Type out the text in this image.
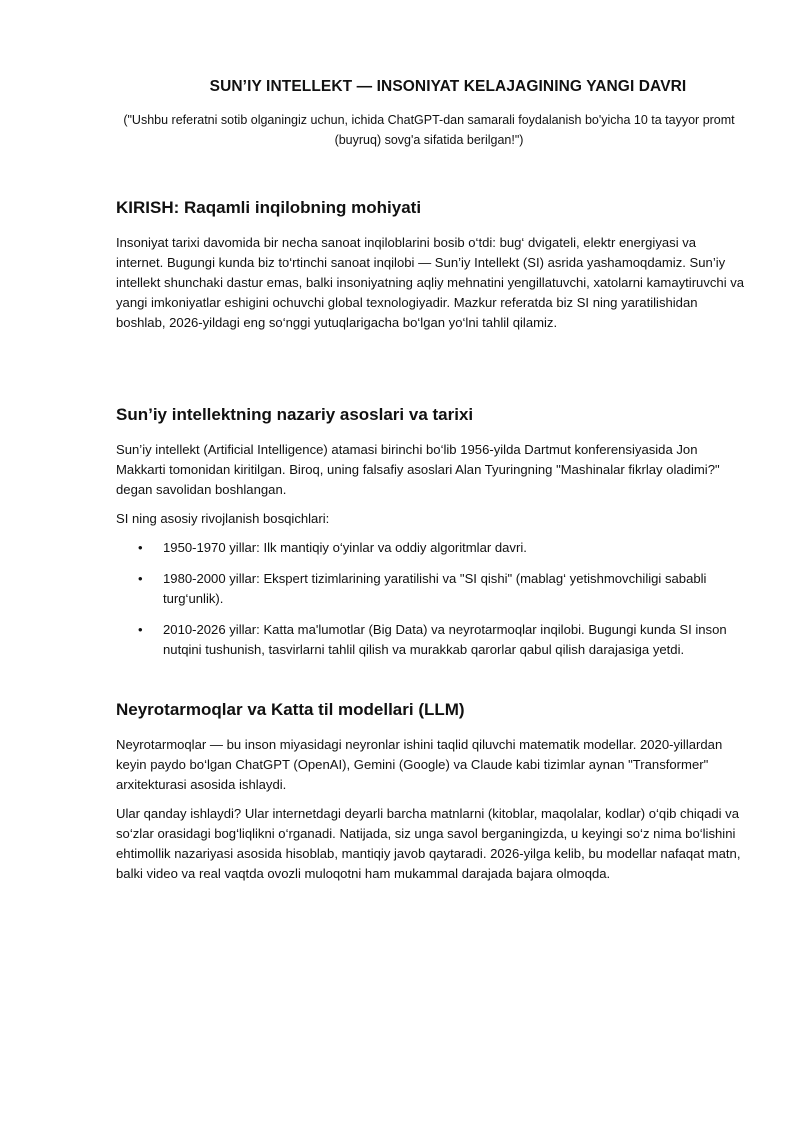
SUN’IY INTELLEKT — INSONIYAT KELAJAGINING YANGI DAVRI

("Ushbu referatni sotib olganingiz uchun, ichida ChatGPT-dan samarali foydalanish bo'yicha 10 ta tayyor promt (buyruq) sovg'a sifatida berilgan!")

KIRISH: Raqamli inqilobning mohiyati

Insoniyat tarixi davomida bir necha sanoat inqiloblarini bosib o‘tdi: bug‘ dvigateli, elektr energiyasi va internet. Bugungi kunda biz to‘rtinchi sanoat inqilobi — Sun’iy Intellekt (SI) asrida yashamoqdamiz. Sun’iy intellekt shunchaki dastur emas, balki insoniyatning aqliy mehnatini yengillatuvchi, xatolarni kamaytiruvchi va yangi imkoniyatlar eshigini ochuvchi global texnologiyadir. Mazkur referatda biz SI ning yaratilishidan boshlab, 2026-yildagi eng so‘nggi yutuqlarigacha bo‘lgan yo‘lni tahlil qilamiz.

Sun’iy intellektning nazariy asoslari va tarixi

Sun’iy intellekt (Artificial Intelligence) atamasi birinchi bo‘lib 1956-yilda Dartmut konferensiyasida Jon Makkarti tomonidan kiritilgan. Biroq, uning falsafiy asoslari Alan Tyuringning "Mashinalar fikrlay oladimi?" degan savolidan boshlangan.

SI ning asosiy rivojlanish bosqichlari:

• 1950-1970 yillar: Ilk mantiqiy o‘yinlar va oddiy algoritmlar davri.
• 1980-2000 yillar: Ekspert tizimlarining yaratilishi va "SI qishi" (mablag‘ yetishmovchiligi sababli turg‘unlik).
• 2010-2026 yillar: Katta ma'lumotlar (Big Data) va neyrotarmoqlar inqilobi. Bugungi kunda SI inson nutqini tushunish, tasvirlarni tahlil qilish va murakkab qarorlar qabul qilish darajasiga yetdi.
Neyrotarmoqlar va Katta til modellari (LLM)

Neyrotarmoqlar — bu inson miyasidagi neyronlar ishini taqlid qiluvchi matematik modellar. 2020-yillardan keyin paydo bo‘lgan ChatGPT (OpenAI), Gemini (Google) va Claude kabi tizimlar aynan "Transformer" arxitekturasi asosida ishlaydi.

Ular qanday ishlaydi? Ular internetdagi deyarli barcha matnlarni (kitoblar, maqolalar, kodlar) o‘qib chiqadi va so‘zlar orasidagi bog‘liqlikni o‘rganadi. Natijada, siz unga savol berganingizda, u keyingi so‘z nima bo‘lishini ehtimollik nazariyasi asosida hisoblab, mantiqiy javob qaytaradi. 2026-yilga kelib, bu modellar nafaqat matn, balki video va real vaqtda ovozli muloqotni ham mukammal darajada bajara olmoqda.
